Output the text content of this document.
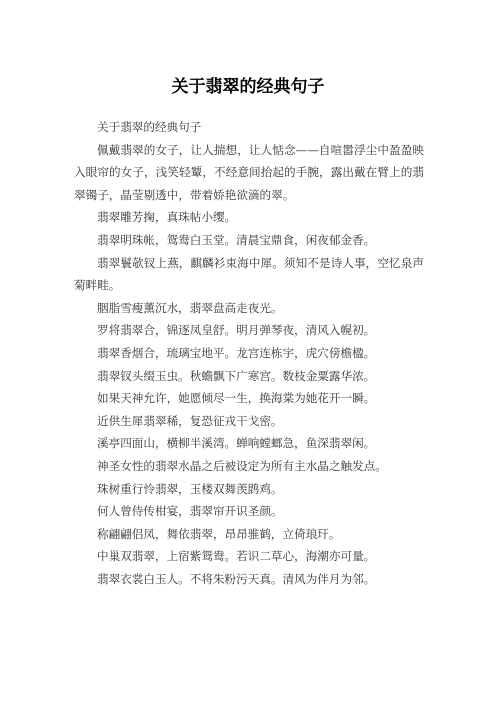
关于翡翠的经典句子

关于翡翠的经典句子

佩戴翡翠的女子，让人揣想，让人惦念——自喧嚣浮尘中盈盈映入眼帘的女子，浅笑轻颦，不经意间抬起的手腕，露出戴在臂上的翡翠镯子，晶莹剔透中，带着娇艳欲滴的翠。

翡翠雕芳掬，真珠帖小缨。

翡翠明珠帐，鸳鸯白玉堂。清晨宝鼎食，闲夜郁金香。

翡翠鬟欹钗上燕，麒麟衫束海中犀。须知不是诗人事，空忆泉声菊畔畦。

胭脂雪瘦薰沉水，翡翠盘高走夜光。

罗将翡翠合，锦逐凤皇舒。明月弹琴夜，清风入幌初。

翡翠香烟合，琉璃宝地平。龙宫连栋宇，虎穴傍檐楹。

翡翠钗头缀玉虫。秋蟾飘下广寒宫。数枝金粟露华浓。

如果天神允许，她愿倾尽一生，换海棠为她花开一瞬。

近供生犀翡翠稀，复恐征戎干戈密。

溪亭四面山，横柳半溪湾。蝉响螳螂急，鱼深翡翠闲。

神圣女性的翡翠水晶之后被设定为所有主水晶之触发点。

珠树重行怜翡翠，玉楼双舞羡鹍鸡。

何人曾侍传柑宴，翡翠帘开识圣颜。

称翩翩侣凤，舞依翡翠，昂昂骓鹤，立倚琅玕。

中巢双翡翠，上宿紫鸳鸯。若识二草心，海潮亦可量。

翡翠衣裳白玉人。不将朱粉污天真。清风为伴月为邻。
